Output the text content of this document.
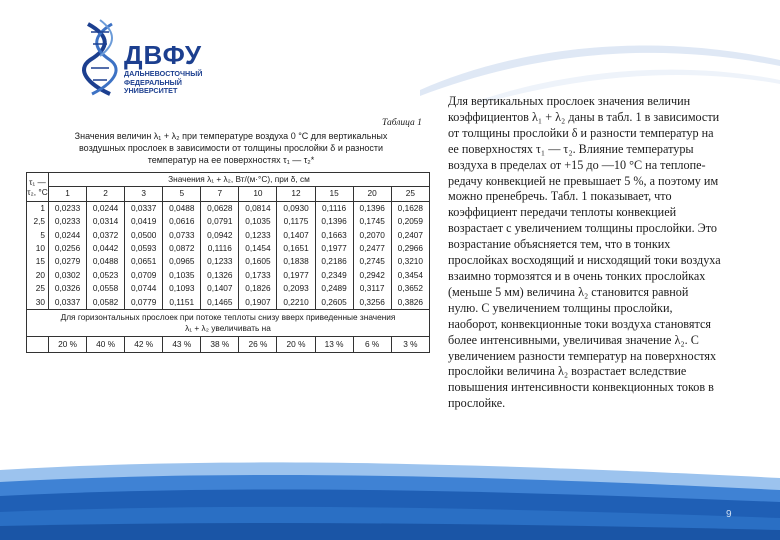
ДВФУ
ДАЛЬНЕВОСТОЧНЫЙ
ФЕДЕРАЛЬНЫЙ
УНИВЕРСИТЕТ
Таблица 1
Значения величин λ₁ + λ₂ при температуре воздуха 0 °С для вертикальных
воздушных прослоек в зависимости от толщины прослойки δ и разности
температур на ее поверхностях τ₁ — τ₂*
τ₁ — τ₂, °С	Значения λ₁ + λ₂, Вт/(м·°С), при δ, см									
	1	2	3	5	7	10	12	15	20	25
1	0,0233	0,0244	0,0337	0,0488	0,0628	0,0814	0,0930	0,1116	0,1396	0,1628
2,5	0,0233	0,0314	0,0419	0,0616	0,0791	0,1035	0,1175	0,1396	0,1745	0,2059
5	0,0244	0,0372	0,0500	0,0733	0,0942	0,1233	0,1407	0,1663	0,2070	0,2407
10	0,0256	0,0442	0,0593	0,0872	0,1116	0,1454	0,1651	0,1977	0,2477	0,2966
15	0,0279	0,0488	0,0651	0,0965	0,1233	0,1605	0,1838	0,2186	0,2745	0,3210
20	0,0302	0,0523	0,0709	0,1035	0,1326	0,1733	0,1977	0,2349	0,2942	0,3454
25	0,0326	0,0558	0,0744	0,1093	0,1407	0,1826	0,2093	0,2489	0,3117	0,3652
30	0,0337	0,0582	0,0779	0,1151	0,1465	0,1907	0,2210	0,2605	0,3256	0,3826

Для горизонтальных прослоек при потоке теплоты снизу вверх приведенные значения
λ₁ + λ₂ увеличивать на										

	20 %	40 %	42 %	43 %	38 %	26 %	20 %	13 %	6 %	3 %
Для вертикальных прослоек значения величин
коэффициентов λ₁ + λ₂ даны в табл. 1 в зависимости
от толщины прослойки δ и разности температур на
ее поверхностях τ₁ — τ₂. Влияние температуры
воздуха в пределах от +15 до —10 °С на теплопе-
редачу конвекцией не превышает 5 %, а поэтому им
можно пренебречь. Табл. 1 показывает, что
коэффициент передачи теплоты конвекцией
возрастает с увеличением толщины прослойки. Это
возрастание объясняется тем, что в тонких
прослойках восходящий и нисходящий токи воздуха
взаимно тормозятся и в очень тонких прослойках
(меньше 5 мм) величина λ₂ становится равной
нулю. С увеличением толщины прослойки,
наоборот, конвекционные токи воздуха становятся
более интенсивными, увеличивая значение λ₂. С
увеличением разности температур на поверхностях
прослойки величина λ₂ возрастает вследствие
повышения интенсивности конвекционных токов в
прослойке.
9
